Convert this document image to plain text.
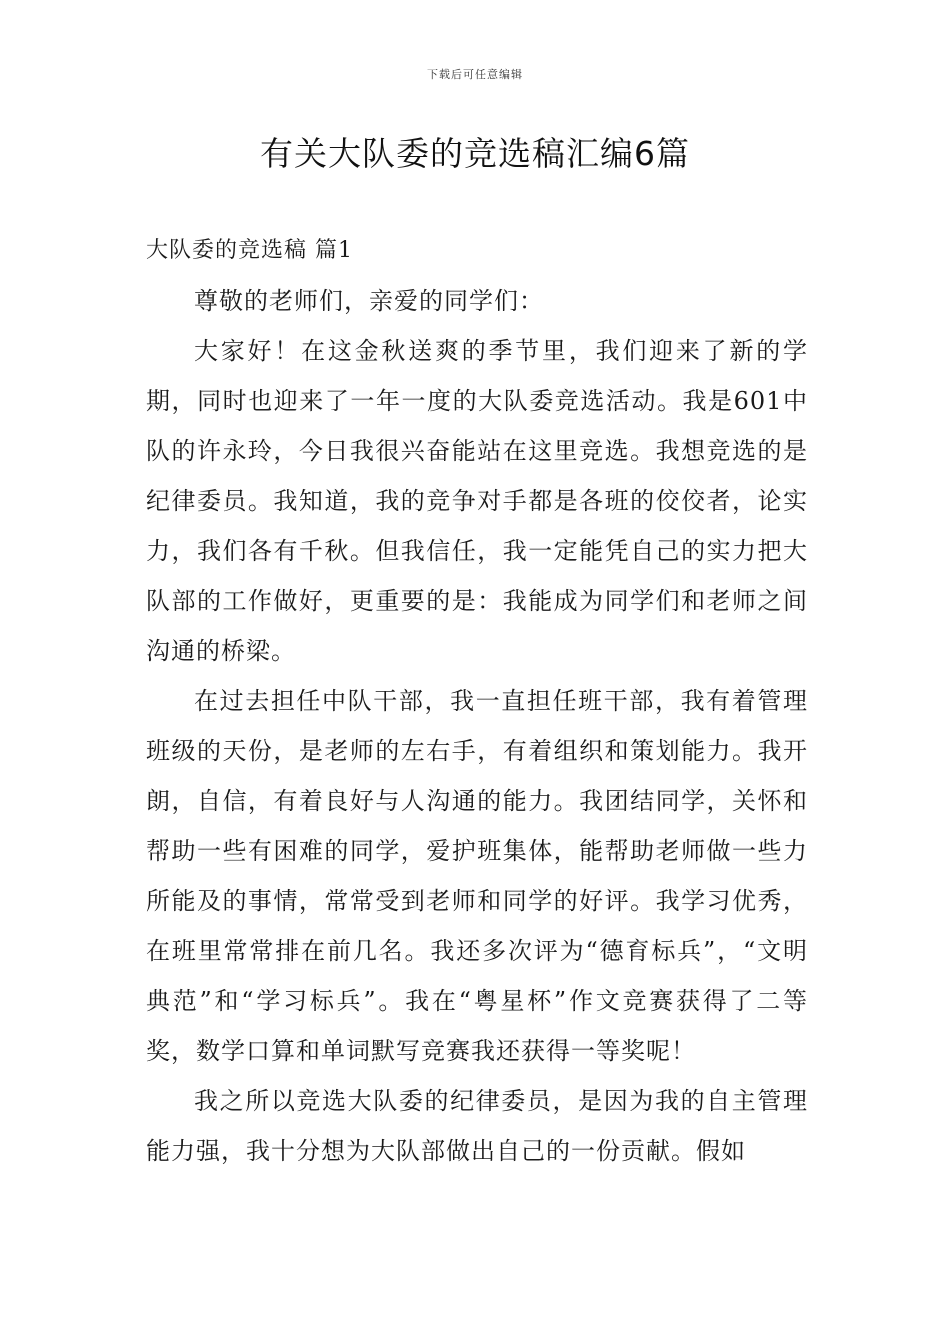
下载后可任意编辑
有关大队委的竞选稿汇编6篇
大队委的竞选稿 篇1

尊敬的老师们，亲爱的同学们：

大家好！在这金秋送爽的季节里，我们迎来了新的学期，同时也迎来了一年一度的大队委竞选活动。我是601中队的许永玲，今日我很兴奋能站在这里竞选。我想竞选的是纪律委员。我知道，我的竞争对手都是各班的佼佼者，论实力，我们各有千秋。但我信任，我一定能凭自己的实力把大队部的工作做好，更重要的是：我能成为同学们和老师之间沟通的桥梁。

在过去担任中队干部，我一直担任班干部，我有着管理班级的天份，是老师的左右手，有着组织和策划能力。我开朗，自信，有着良好与人沟通的能力。我团结同学，关怀和帮助一些有困难的同学，爱护班集体，能帮助老师做一些力所能及的事情，常常受到老师和同学的好评。我学习优秀，在班里常常排在前几名。我还多次评为“德育标兵”，“文明典范”和“学习标兵”。我在“粤星杯”作文竞赛获得了二等奖，数学口算和单词默写竞赛我还获得一等奖呢！

我之所以竞选大队委的纪律委员，是因为我的自主管理能力强，我十分想为大队部做出自己的一份贡献。假如
